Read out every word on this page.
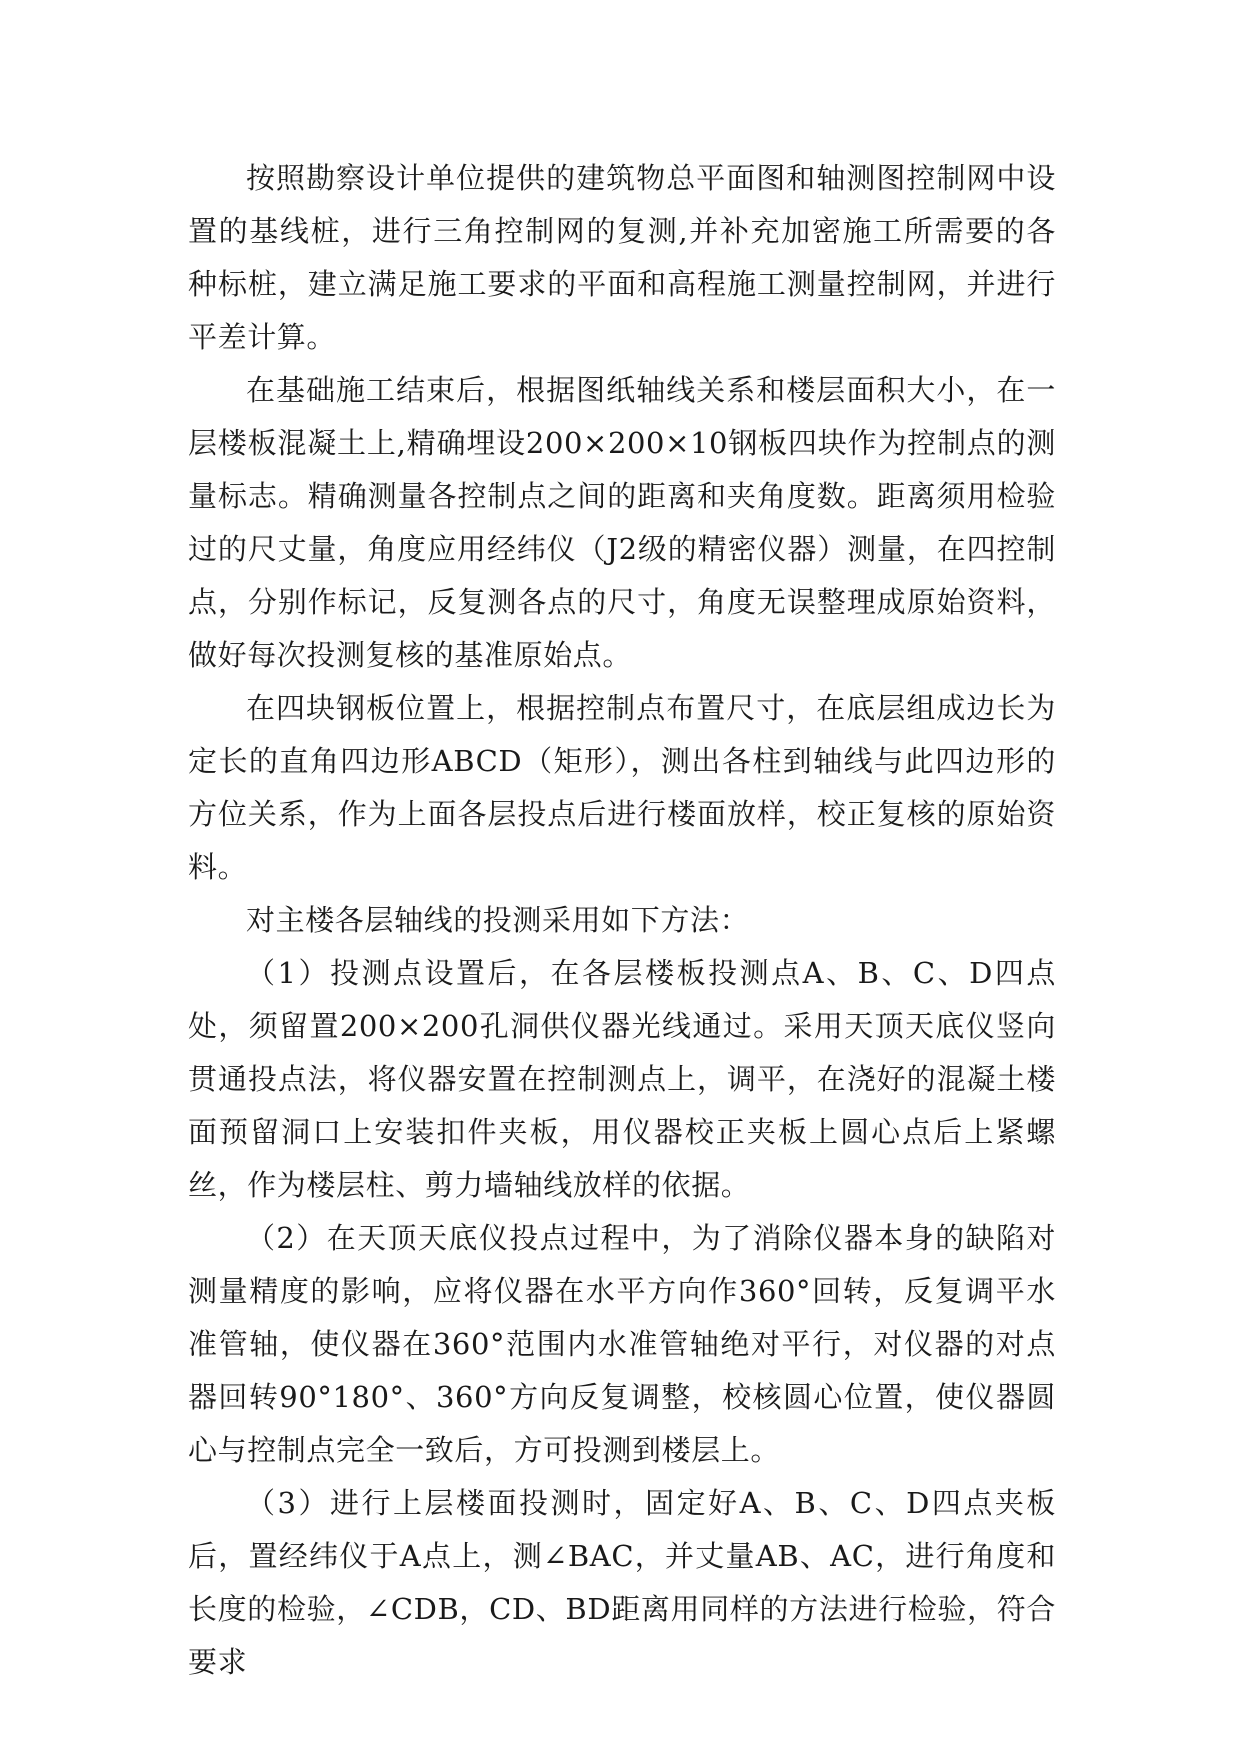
按照勘察设计单位提供的建筑物总平面图和轴测图控制网中设置的基线桩，进行三角控制网的复测,并补充加密施工所需要的各种标桩，建立满足施工要求的平面和高程施工测量控制网，并进行平差计算。

在基础施工结束后，根据图纸轴线关系和楼层面积大小，在一层楼板混凝土上,精确埋设200×200×10钢板四块作为控制点的测量标志。精确测量各控制点之间的距离和夹角度数。距离须用检验过的尺丈量，角度应用经纬仪（J2级的精密仪器）测量，在四控制点，分别作标记，反复测各点的尺寸，角度无误整理成原始资料，做好每次投测复核的基准原始点。

在四块钢板位置上，根据控制点布置尺寸，在底层组成边长为定长的直角四边形ABCD（矩形），测出各柱到轴线与此四边形的方位关系，作为上面各层投点后进行楼面放样，校正复核的原始资料。

对主楼各层轴线的投测采用如下方法：

（1）投测点设置后，在各层楼板投测点A、B、C、D四点处，须留置200×200孔洞供仪器光线通过。采用天顶天底仪竖向贯通投点法，将仪器安置在控制测点上，调平，在浇好的混凝土楼面预留洞口上安装扣件夹板，用仪器校正夹板上圆心点后上紧螺丝，作为楼层柱、剪力墙轴线放样的依据。

（2）在天顶天底仪投点过程中，为了消除仪器本身的缺陷对测量精度的影响，应将仪器在水平方向作360°回转，反复调平水准管轴，使仪器在360°范围内水准管轴绝对平行，对仪器的对点器回转90°180°、360°方向反复调整，校核圆心位置，使仪器圆心与控制点完全一致后，方可投测到楼层上。

（3）进行上层楼面投测时，固定好A、B、C、D四点夹板后，置经纬仪于A点上，测∠BAC，并丈量AB、AC，进行角度和长度的检验，∠CDB，CD、BD距离用同样的方法进行检验，符合要求
